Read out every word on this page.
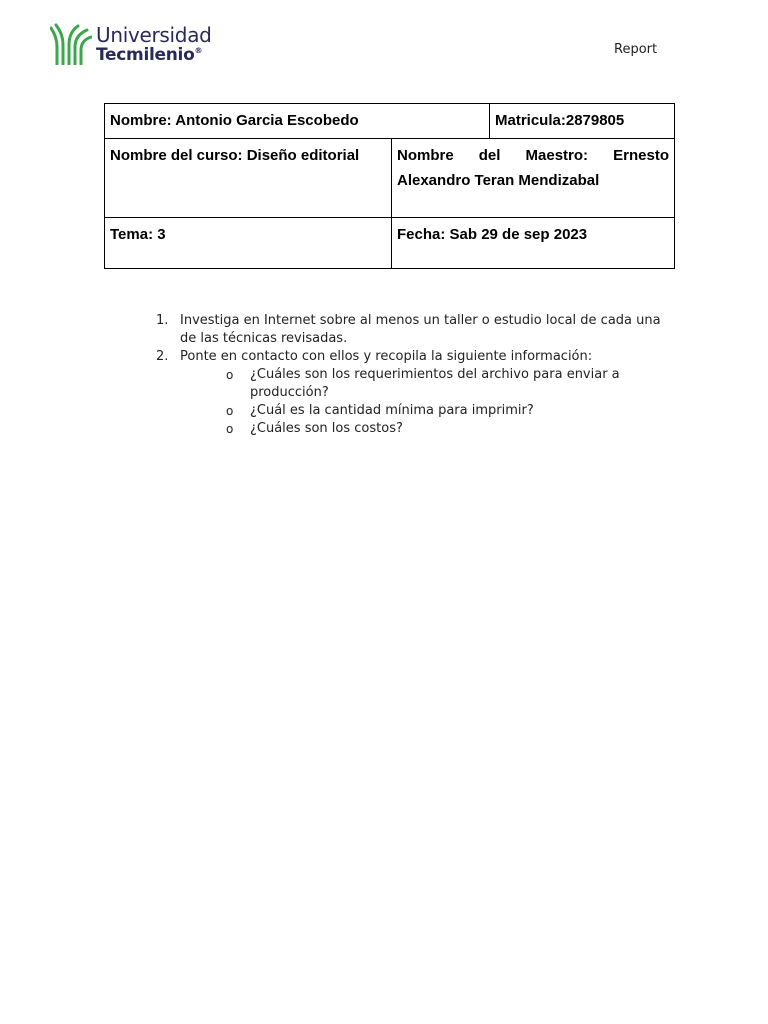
Universidad
Tecmilenio®	Report
Nombre: Antonio Garcia Escobedo	Matricula:2879805
Nombre del curso: Diseño editorial	Nombre del Maestro: Ernesto Alexandro Teran Mendizabal
Tema: 3	Fecha: Sab 29 de sep 2023
1. Investiga en Internet sobre al menos un taller o estudio local de cada una de las técnicas revisadas.
2. Ponte en contacto con ellos y recopila la siguiente información:
o	¿Cuáles son los requerimientos del archivo para enviar a producción?
o	¿Cuál es la cantidad mínima para imprimir?
o	¿Cuáles son los costos?
